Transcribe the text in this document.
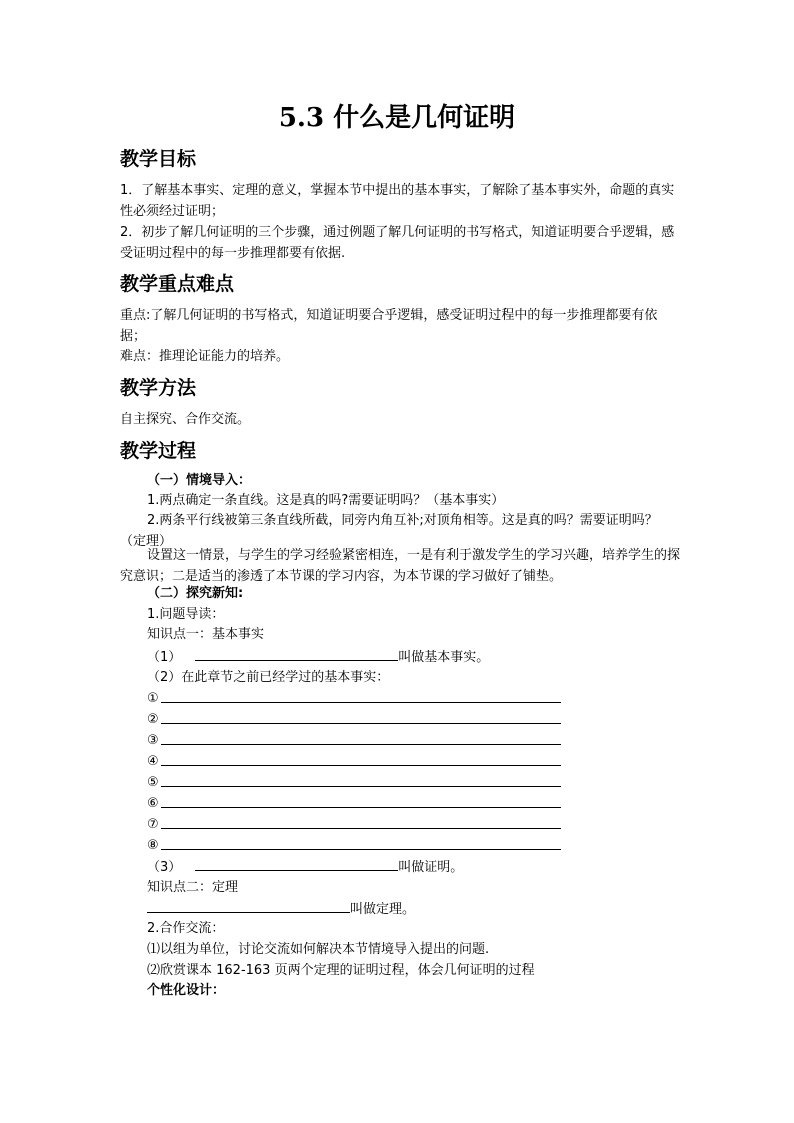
5.3 什么是几何证明
教学目标
1．了解基本事实、定理的意义，掌握本节中提出的基本事实，了解除了基本事实外，命题的真实性必须经过证明；
2．初步了解几何证明的三个步骤，通过例题了解几何证明的书写格式，知道证明要合乎逻辑，感受证明过程中的每一步推理都要有依据.
教学重点难点
重点:了解几何证明的书写格式，知道证明要合乎逻辑，感受证明过程中的每一步推理都要有依据；
难点：推理论证能力的培养。
教学方法
自主探究、合作交流。
教学过程
（一）情境导入：
1.两点确定一条直线。这是真的吗?需要证明吗？（基本事实）
2.两条平行线被第三条直线所截，同旁内角互补;对顶角相等。这是真的吗？需要证明吗？（定理）
设置这一情景，与学生的学习经验紧密相连，一是有利于激发学生的学习兴趣，培养学生的探究意识；二是适当的渗透了本节课的学习内容，为本节课的学习做好了铺垫。
（二）探究新知:
1.问题导读：
知识点一：基本事实
（1）	叫做基本事实。
（2）在此章节之前已经学过的基本事实：
①
②
③
④
⑤
⑥
⑦
⑧
（3）	叫做证明。
知识点二：定理
叫做定理。
2.合作交流：
⑴以组为单位，讨论交流如何解决本节情境导入提出的问题.
⑵欣赏课本 162-163 页两个定理的证明过程，体会几何证明的过程
个性化设计：
